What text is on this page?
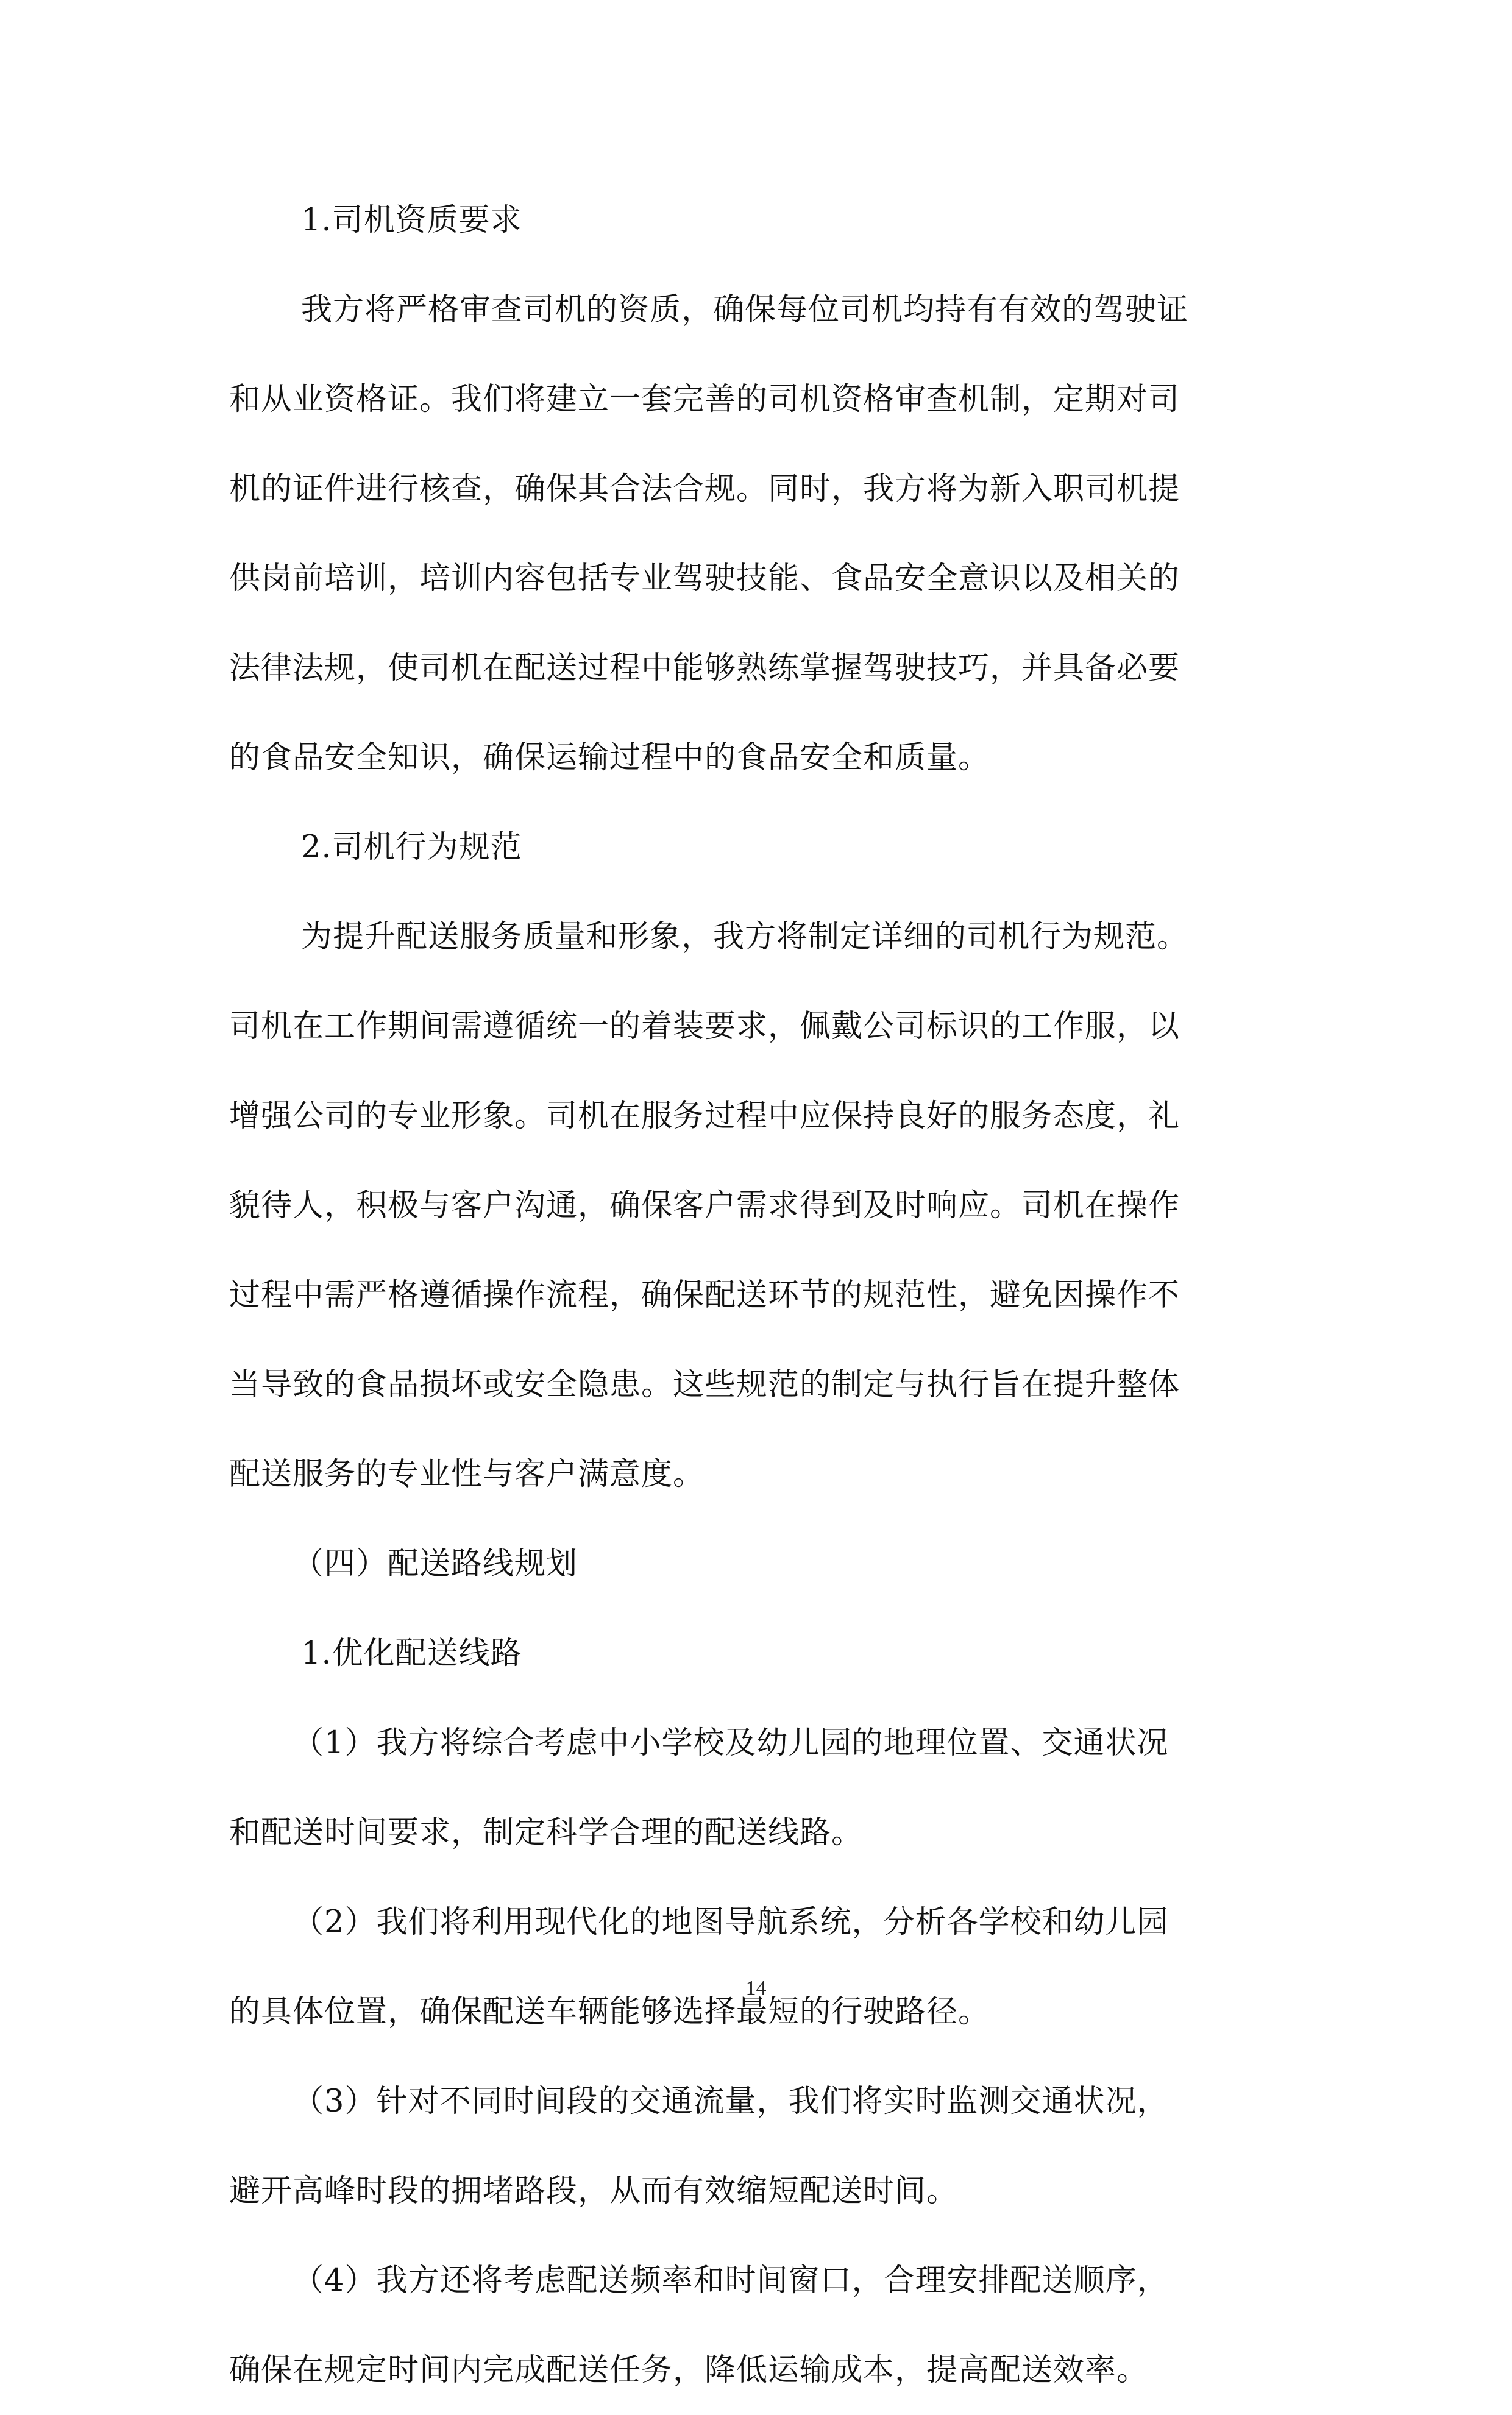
1.司机资质要求
我方将严格审查司机的资质，确保每位司机均持有有效的驾驶证
和从业资格证。我们将建立一套完善的司机资格审查机制，定期对司
机的证件进行核查，确保其合法合规。同时，我方将为新入职司机提
供岗前培训，培训内容包括专业驾驶技能、食品安全意识以及相关的
法律法规，使司机在配送过程中能够熟练掌握驾驶技巧，并具备必要
的食品安全知识，确保运输过程中的食品安全和质量。
2.司机行为规范
为提升配送服务质量和形象，我方将制定详细的司机行为规范。
司机在工作期间需遵循统一的着装要求，佩戴公司标识的工作服，以
增强公司的专业形象。司机在服务过程中应保持良好的服务态度，礼
貌待人，积极与客户沟通，确保客户需求得到及时响应。司机在操作
过程中需严格遵循操作流程，确保配送环节的规范性，避免因操作不
当导致的食品损坏或安全隐患。这些规范的制定与执行旨在提升整体
配送服务的专业性与客户满意度。
（四）配送路线规划
1.优化配送线路
（1）我方将综合考虑中小学校及幼儿园的地理位置、交通状况
和配送时间要求，制定科学合理的配送线路。
（2）我们将利用现代化的地图导航系统，分析各学校和幼儿园
的具体位置，确保配送车辆能够选择最短的行驶路径。
（3）针对不同时间段的交通流量，我们将实时监测交通状况，
避开高峰时段的拥堵路段，从而有效缩短配送时间。
（4）我方还将考虑配送频率和时间窗口，合理安排配送顺序，
确保在规定时间内完成配送任务，降低运输成本，提高配送效率。
14
